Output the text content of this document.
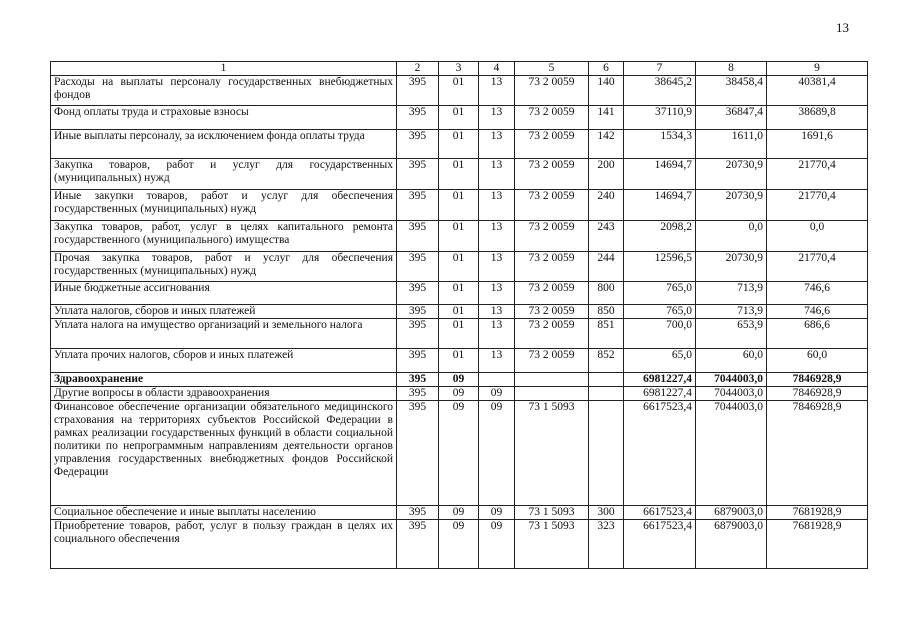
13
1	2	3	4	5	6	7	8	9
Расходы на выплаты персоналу государственных внебюджетных фондов	395	01	13	73 2 0059	140	38645,2	38458,4	40381,4
Фонд оплаты труда и страховые взносы	395	01	13	73 2 0059	141	37110,9	36847,4	38689,8
Иные выплаты персоналу, за исключением фонда оплаты труда	395	01	13	73 2 0059	142	1534,3	1611,0	1691,6
Закупка товаров, работ и услуг для государственных (муниципальных) нужд	395	01	13	73 2 0059	200	14694,7	20730,9	21770,4
Иные закупки товаров, работ и услуг для обеспечения государственных (муниципальных) нужд	395	01	13	73 2 0059	240	14694,7	20730,9	21770,4
Закупка товаров, работ, услуг в целях капитального ремонта государственного (муниципального) имущества	395	01	13	73 2 0059	243	2098,2	0,0	0,0
Прочая закупка товаров, работ и услуг для обеспечения государственных (муниципальных) нужд	395	01	13	73 2 0059	244	12596,5	20730,9	21770,4
Иные бюджетные ассигнования	395	01	13	73 2 0059	800	765,0	713,9	746,6
Уплата налогов, сборов и иных платежей	395	01	13	73 2 0059	850	765,0	713,9	746,6
Уплата налога на имущество организаций и земельного налога	395	01	13	73 2 0059	851	700,0	653,9	686,6
Уплата прочих налогов, сборов и иных платежей	395	01	13	73 2 0059	852	65,0	60,0	60,0
Здравоохранение	395	09				6981227,4	7044003,0	7846928,9
Другие вопросы в области здравоохранения	395	09	09			6981227,4	7044003,0	7846928,9
Финансовое обеспечение организации обязательного медицинского страхования на территориях субъектов Российской Федерации в рамках реализации государственных функций в области социальной политики по непрограммным направлениям деятельности органов управления государственных внебюджетных фондов Российской Федерации	395	09	09	73 1 5093		6617523,4	7044003,0	7846928,9
Социальное обеспечение и иные выплаты населению	395	09	09	73 1 5093	300	6617523,4	6879003,0	7681928,9
Приобретение товаров, работ, услуг в пользу граждан в целях их социального обеспечения	395	09	09	73 1 5093	323	6617523,4	6879003,0	7681928,9
